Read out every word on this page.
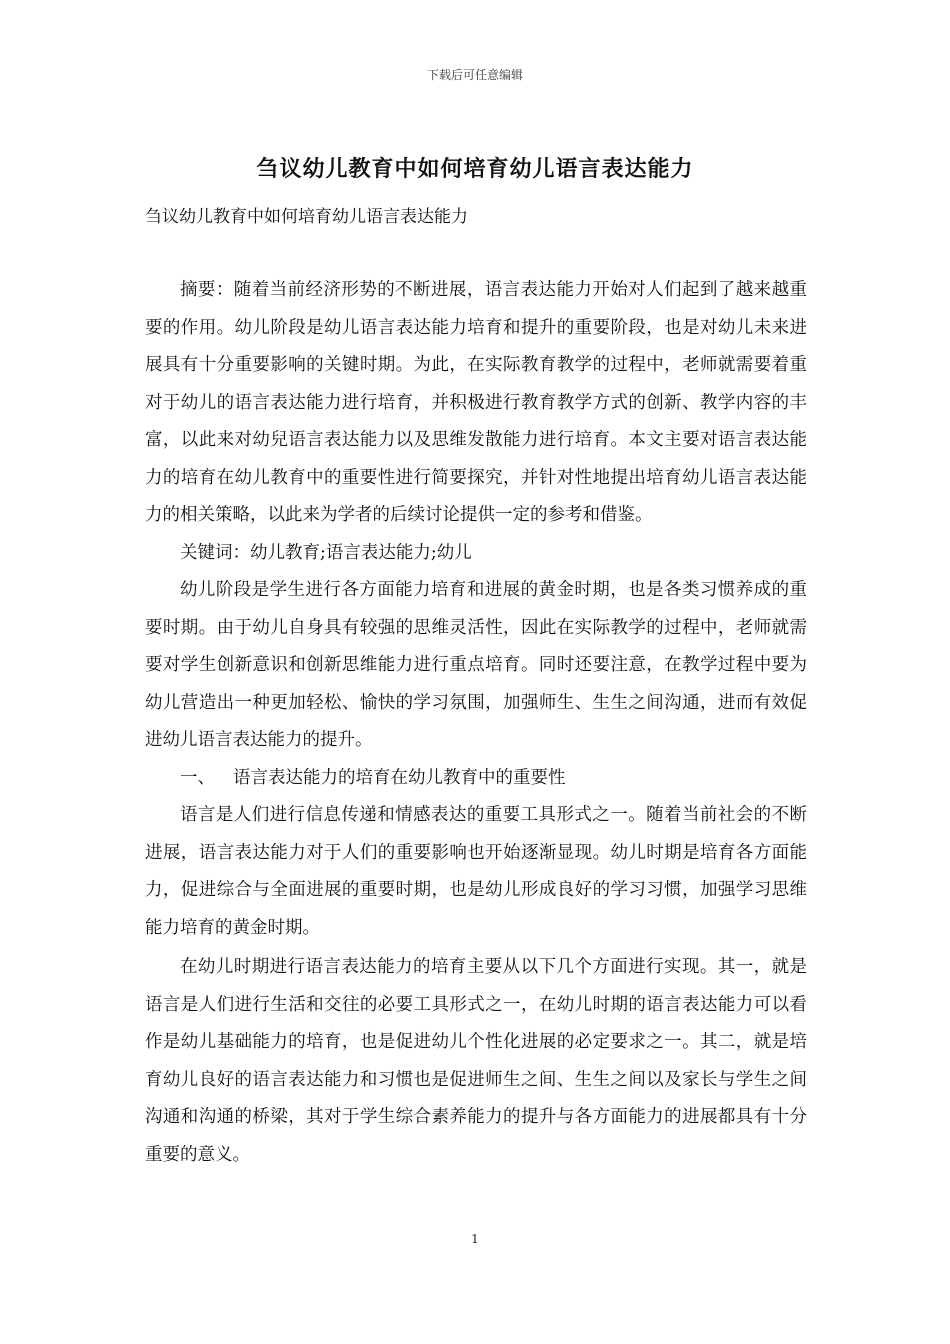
下载后可任意编辑
刍议幼儿教育中如何培育幼儿语言表达能力
刍议幼儿教育中如何培育幼儿语言表达能力

摘要：随着当前经济形势的不断进展，语言表达能力开始对人们起到了越来越重要的作用。幼儿阶段是幼儿语言表达能力培育和提升的重要阶段，也是对幼儿未来进展具有十分重要影响的关键时期。为此，在实际教育教学的过程中，老师就需要着重对于幼儿的语言表达能力进行培育，并积极进行教育教学方式的创新、教学内容的丰富，以此来对幼兒语言表达能力以及思维发散能力进行培育。本文主要对语言表达能力的培育在幼儿教育中的重要性进行简要探究，并针对性地提出培育幼儿语言表达能力的相关策略，以此来为学者的后续讨论提供一定的参考和借鉴。

关键词：幼儿教育;语言表达能力;幼儿

幼儿阶段是学生进行各方面能力培育和进展的黄金时期，也是各类习惯养成的重要时期。由于幼儿自身具有较强的思维灵活性，因此在实际教学的过程中，老师就需要对学生创新意识和创新思维能力进行重点培育。同时还要注意，在教学过程中要为幼儿营造出一种更加轻松、愉快的学习氛围，加强师生、生生之间沟通，进而有效促进幼儿语言表达能力的提升。

一、 语言表达能力的培育在幼儿教育中的重要性

语言是人们进行信息传递和情感表达的重要工具形式之一。随着当前社会的不断进展，语言表达能力对于人们的重要影响也开始逐渐显现。幼儿时期是培育各方面能力，促进综合与全面进展的重要时期，也是幼儿形成良好的学习习惯，加强学习思维能力培育的黄金时期。

在幼儿时期进行语言表达能力的培育主要从以下几个方面进行实现。其一，就是语言是人们进行生活和交往的必要工具形式之一，在幼儿时期的语言表达能力可以看作是幼儿基础能力的培育，也是促进幼儿个性化进展的必定要求之一。其二，就是培育幼儿良好的语言表达能力和习惯也是促进师生之间、生生之间以及家长与学生之间沟通和沟通的桥梁，其对于学生综合素养能力的提升与各方面能力的进展都具有十分重要的意义。

1
